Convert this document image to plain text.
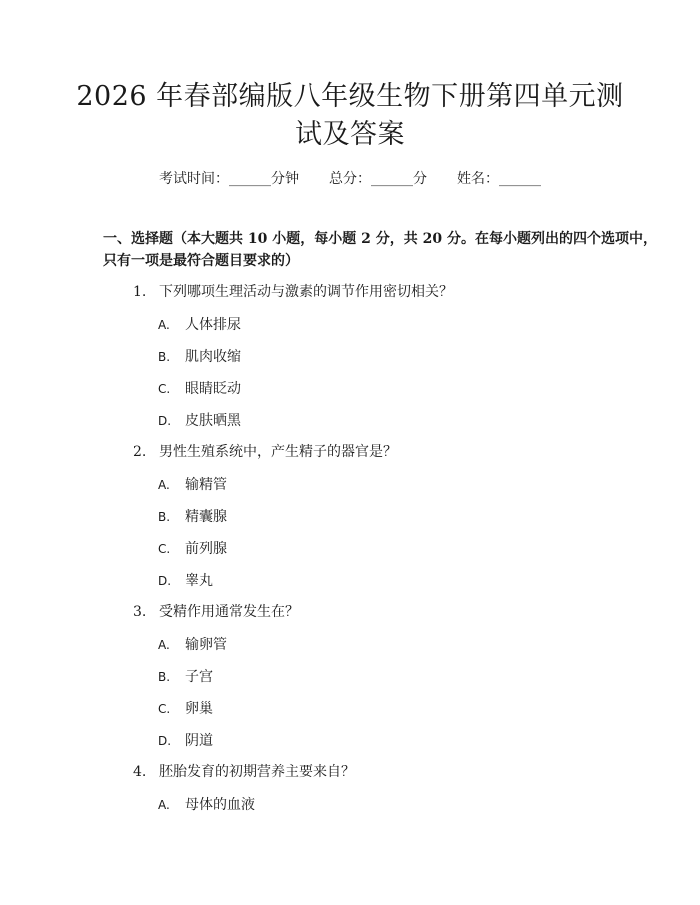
2026 年春部编版八年级生物下册第四单元测
试及答案
考试时间：______分钟 总分：______分 姓名：______
一、选择题（本大题共 10 小题，每小题 2 分，共 20 分。在每小题列出的四个选项中，只有一项是最符合题目要求的）
1. 下列哪项生理活动与激素的调节作用密切相关？
A. 人体排尿
B. 肌肉收缩
C. 眼睛眨动
D. 皮肤晒黑
2. 男性生殖系统中，产生精子的器官是？
A. 输精管
B. 精囊腺
C. 前列腺
D. 睾丸
3. 受精作用通常发生在？
A. 输卵管
B. 子宫
C. 卵巢
D. 阴道
4. 胚胎发育的初期营养主要来自？
A. 母体的血液
